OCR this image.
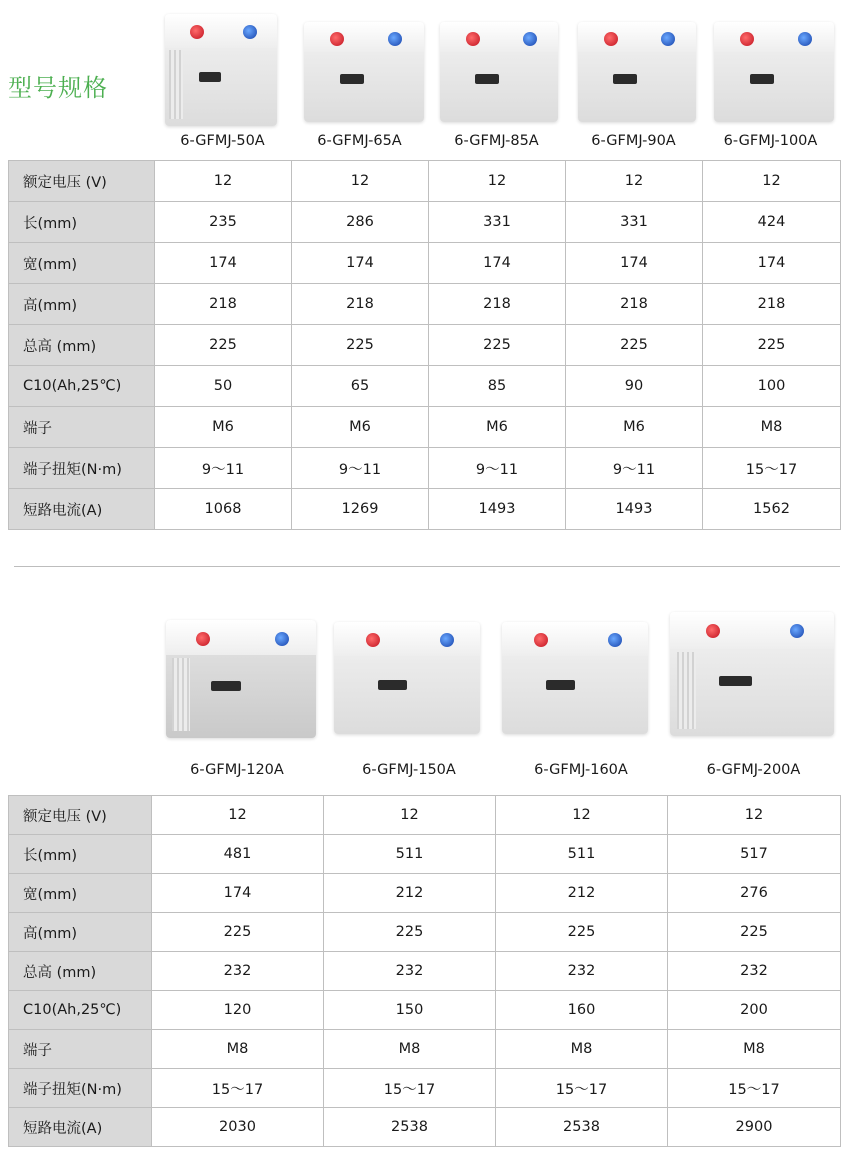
型号规格
6-GFMJ-50A	6-GFMJ-65A	6-GFMJ-85A	6-GFMJ-90A	6-GFMJ-100A
额定电压 (V)	12	12	12	12	12
长(mm)	235	286	331	331	424
宽(mm)	174	174	174	174	174
高(mm)	218	218	218	218	218
总高 (mm)	225	225	225	225	225
C10(Ah,25℃)	50	65	85	90	100
端子	M6	M6	M6	M6	M8
端子扭矩(N·m)	9～11	9～11	9～11	9～11	15～17
短路电流(A)	1068	1269	1493	1493	1562
6-GFMJ-120A	6-GFMJ-150A	6-GFMJ-160A	6-GFMJ-200A
额定电压 (V)	12	12	12	12
长(mm)	481	511	511	517
宽(mm)	174	212	212	276
高(mm)	225	225	225	225
总高 (mm)	232	232	232	232
C10(Ah,25℃)	120	150	160	200
端子	M8	M8	M8	M8
端子扭矩(N·m)	15～17	15～17	15～17	15～17
短路电流(A)	2030	2538	2538	2900
